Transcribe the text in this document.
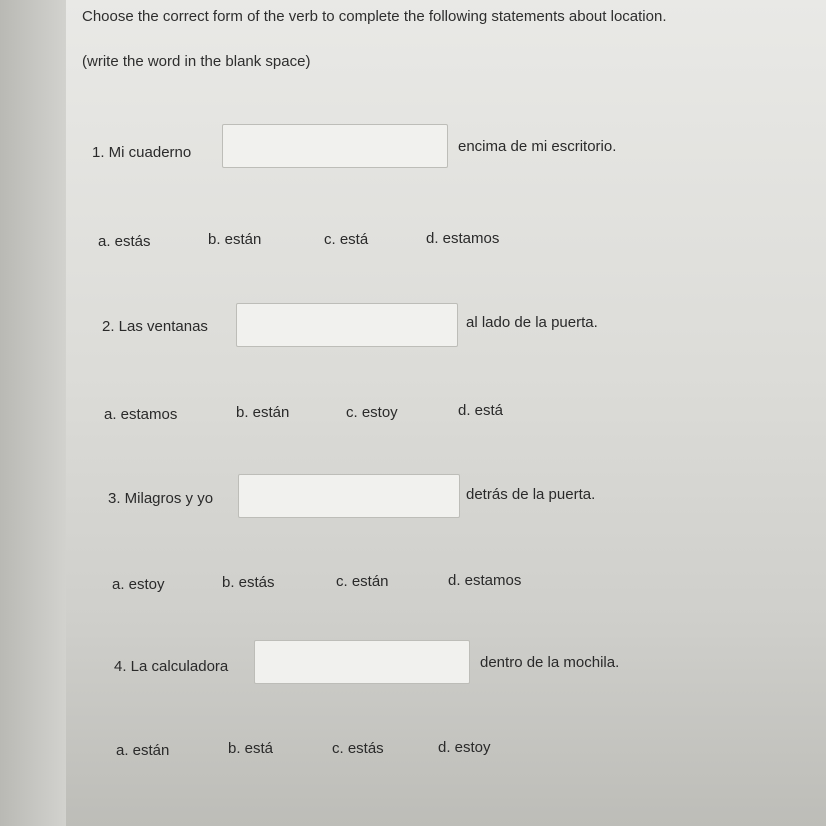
Choose the correct form of the verb to complete the following statements about location.
(write the word in the blank space)
1. Mi cuaderno	encima de mi escritorio.
a. estás	b. están	c. está	d. estamos
2. Las ventanas	al lado de la puerta.
a. estamos	b. están	c. estoy	d. está
3. Milagros y yo	detrás de la puerta.
a. estoy	b. estás	c. están	d. estamos
4. La calculadora	dentro de la mochila.
a. están	b. está	c. estás	d. estoy
